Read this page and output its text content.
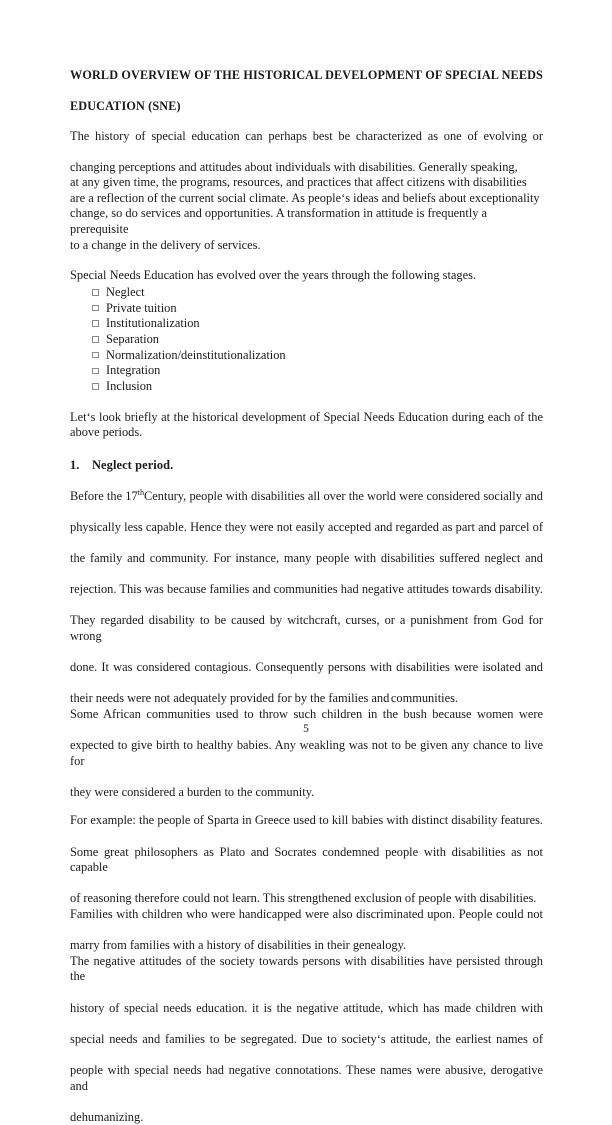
WORLD OVERVIEW OF THE HISTORICAL DEVELOPMENT OF SPECIAL NEEDS
EDUCATION (SNE)
The history of special education can perhaps best be characterized as one of evolving or
changing perceptions and attitudes about individuals with disabilities. Generally speaking,
at any given time, the programs, resources, and practices that affect citizens with disabilities
are a reflection of the current social climate. As people‘s ideas and beliefs about exceptionality
change, so do services and opportunities. A transformation in attitude is frequently a prerequisite
to a change in the delivery of services.

Special Needs Education has evolved over the years through the following stages.

Neglect
Private tuition
Institutionalization
Separation
Normalization/deinstitutionalization
Integration
Inclusion

Let‘s look briefly at the historical development of Special Needs Education during each of the above periods.

1. Neglect period.
Before the 17thCentury, people with disabilities all over the world were considered socially and
physically less capable. Hence they were not easily accepted and regarded as part and parcel of
the family and community. For instance, many people with disabilities suffered neglect and
rejection. This was because families and communities had negative attitudes towards disability.
They regarded disability to be caused by witchcraft, curses, or a punishment from God for wrong
done. It was considered contagious. Consequently persons with disabilities were isolated and
their needs were not adequately provided for by the families and communities.
Some African communities used to throw such children in the bush because women were
expected to give birth to healthy babies. Any weakling was not to be given any chance to live for
they were considered a burden to the community.
For example: the people of Sparta in Greece used to kill babies with distinct disability features.
Some great philosophers as Plato and Socrates condemned people with disabilities as not capable
of reasoning therefore could not learn. This strengthened exclusion of people with disabilities.
Families with children who were handicapped were also discriminated upon. People could not
marry from families with a history of disabilities in their genealogy.
The negative attitudes of the society towards persons with disabilities have persisted through the
history of special needs education. it is the negative attitude, which has made children with
special needs and families to be segregated. Due to society‘s attitude, the earliest names of
people with special needs had negative connotations. These names were abusive, derogative and
dehumanizing.
5
